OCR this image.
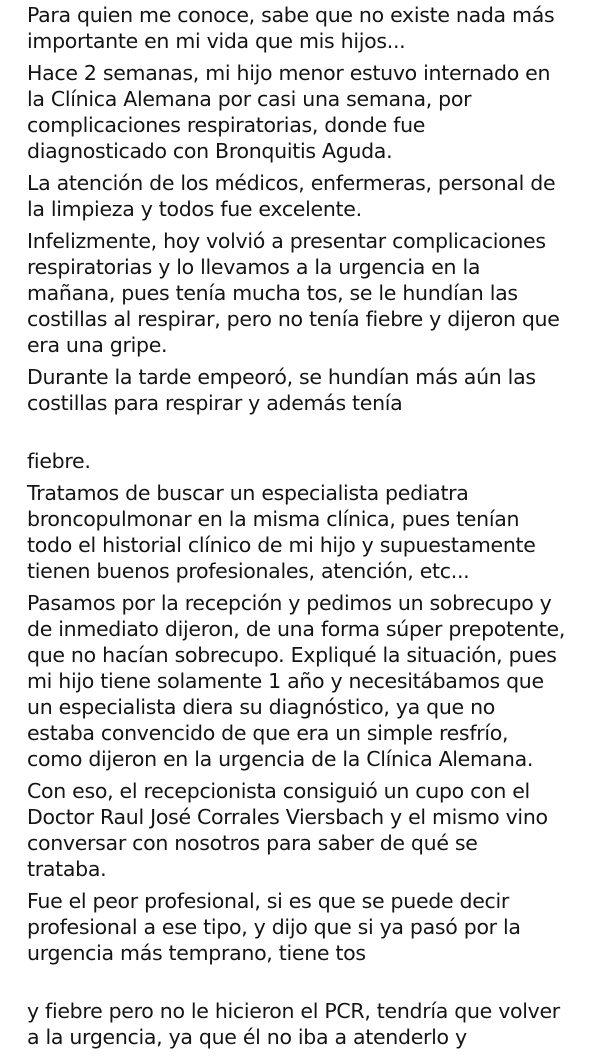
Para quien me conoce, sabe que no existe nada más
importante en mi vida que mis hijos...

Hace 2 semanas, mi hijo menor estuvo internado en
la Clínica Alemana por casi una semana, por
complicaciones respiratorias, donde fue
diagnosticado con Bronquitis Aguda.

La atención de los médicos, enfermeras, personal de
la limpieza y todos fue excelente.

Infelizmente, hoy volvió a presentar complicaciones
respiratorias y lo llevamos a la urgencia en la
mañana, pues tenía mucha tos, se le hundían las
costillas al respirar, pero no tenía fiebre y dijeron que
era una gripe.

Durante la tarde empeoró, se hundían más aún las
costillas para respirar y además tenía

fiebre.

Tratamos de buscar un especialista pediatra
broncopulmonar en la misma clínica, pues tenían
todo el historial clínico de mi hijo y supuestamente
tienen buenos profesionales, atención, etc...

Pasamos por la recepción y pedimos un sobrecupo y
de inmediato dijeron, de una forma súper prepotente,
que no hacían sobrecupo. Expliqué la situación, pues
mi hijo tiene solamente 1 año y necesitábamos que
un especialista diera su diagnóstico, ya que no
estaba convencido de que era un simple resfrío,
como dijeron en la urgencia de la Clínica Alemana.

Con eso, el recepcionista consiguió un cupo con el
Doctor Raul José Corrales Viersbach y el mismo vino
conversar con nosotros para saber de qué se
trataba.

Fue el peor profesional, si es que se puede decir
profesional a ese tipo, y dijo que si ya pasó por la
urgencia más temprano, tiene tos

y fiebre pero no le hicieron el PCR, tendría que volver
a la urgencia, ya que él no iba a atenderlo y
